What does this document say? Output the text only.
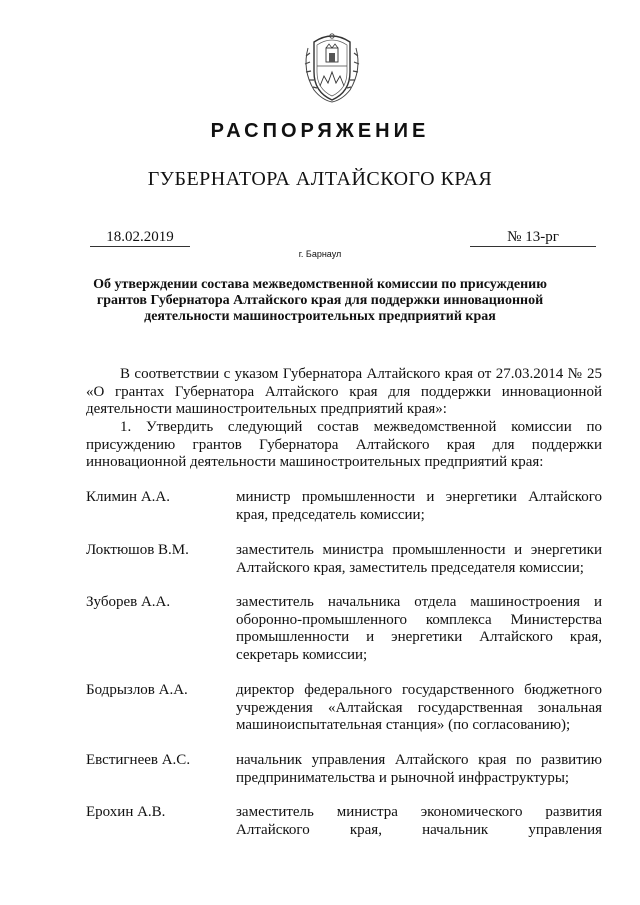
РАСПОРЯЖЕНИЕ
ГУБЕРНАТОРА АЛТАЙСКОГО КРАЯ
18.02.2019
г. Барнаул
№ 13-рг
Об утверждении состава межведомственной комиссии по присуждению
грантов Губернатора Алтайского края для поддержки инновационной
деятельности машиностроительных предприятий края

В соответствии с указом Губернатора Алтайского края от 27.03.2014 № 25 «О грантах Губернатора Алтайского края для поддержки инновационной деятельности машиностроительных предприятий края»:

1. Утвердить следующий состав межведомственной комиссии по присуждению грантов Губернатора Алтайского края для поддержки инновационной деятельности машиностроительных предприятий края:

Климин А.А.	министр промышленности и энергетики Алтайского края, председатель комиссии;
Локтюшов В.М.	заместитель министра промышленности и энергетики Алтайского края, заместитель председателя комиссии;
Зуборев А.А.	заместитель начальника отдела машиностроения и оборонно-промышленного комплекса Министерства промышленности и энергетики Алтайского края, секретарь комиссии;
Бодрызлов А.А.	директор федерального государственного бюджетного учреждения «Алтайская государственная зональная машиноиспытательная станция» (по согласованию);
Евстигнеев А.С.	начальник управления Алтайского края по развитию предпринимательства и рыночной инфраструктуры;
Ерохин А.В.	заместитель министра экономического развития
Алтайского края, начальник управления
